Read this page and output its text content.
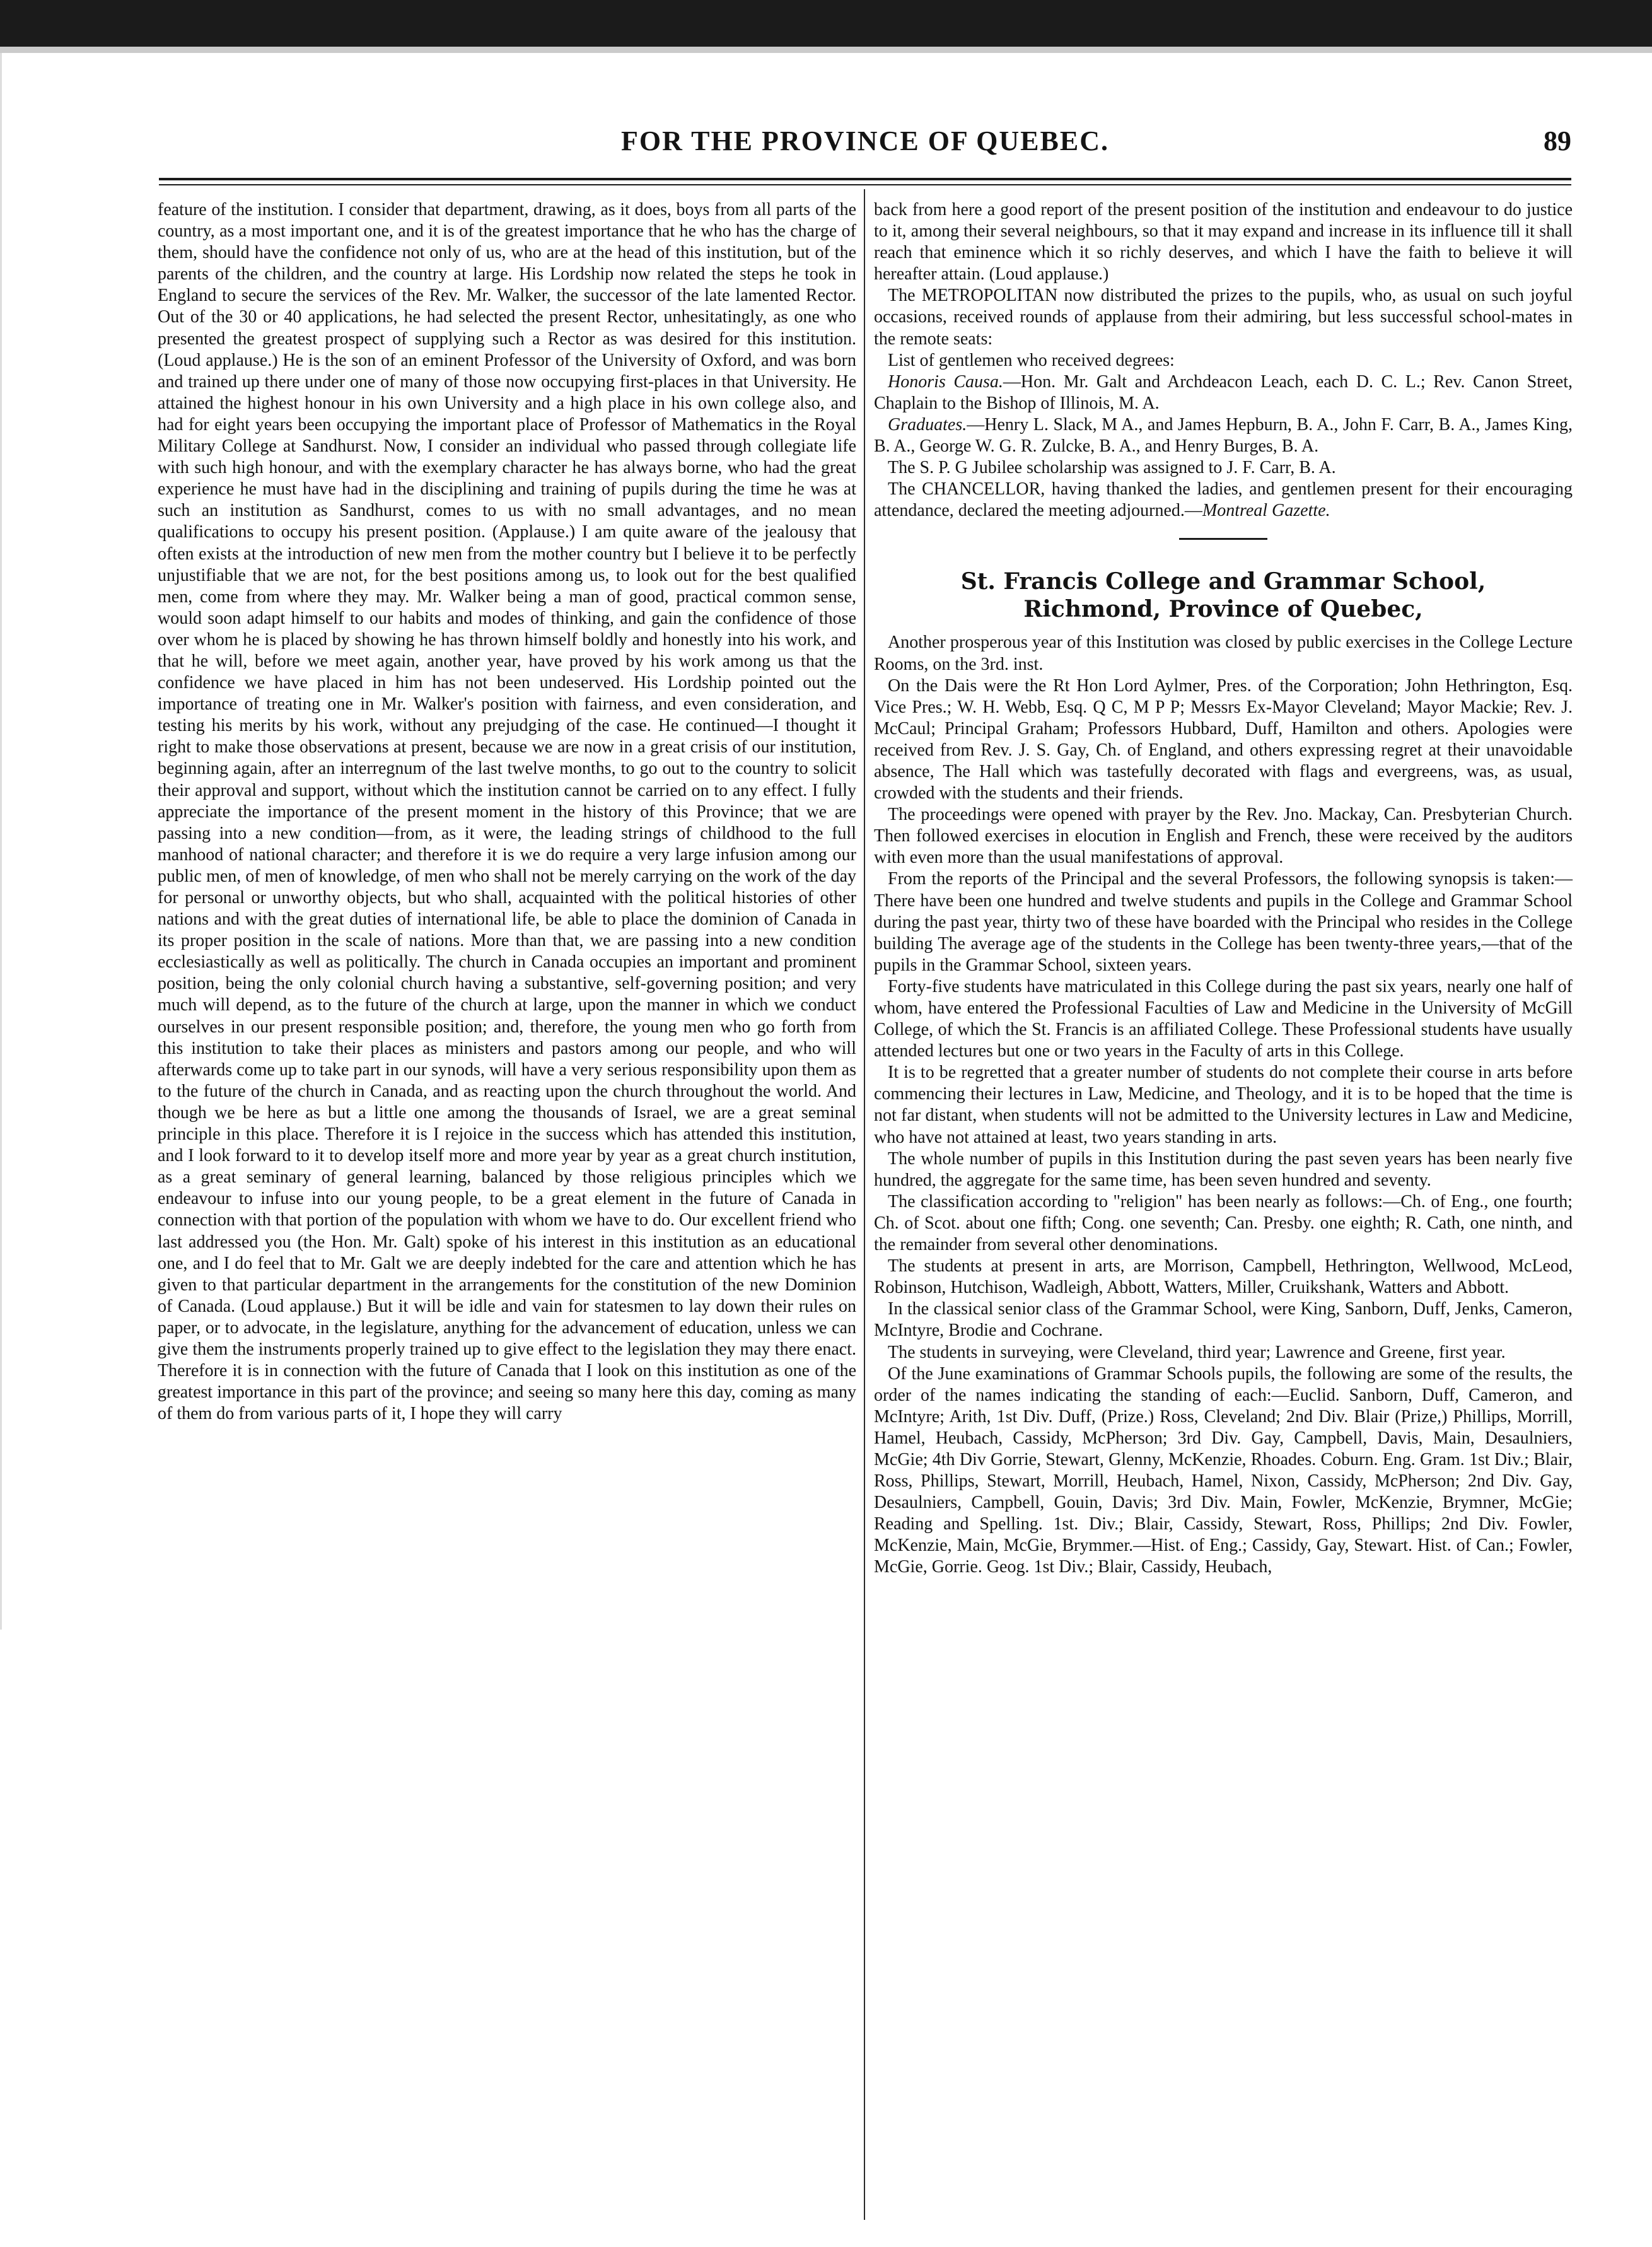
FOR THE PROVINCE OF QUEBEC.	89

feature of the institution. I consider that department, drawing, as it does, boys from all parts of the country, as a most important one, and it is of the greatest importance that he who has the charge of them, should have the confidence not only of us, who are at the head of this institution, but of the parents of the children, and the country at large. His Lordship now related the steps he took in England to secure the services of the Rev. Mr. Walker, the successor of the late lamented Rector. Out of the 30 or 40 applications, he had selected the present Rector, unhesitatingly, as one who presented the greatest prospect of supplying such a Rector as was desired for this institution. (Loud applause.) He is the son of an eminent Professor of the University of Oxford, and was born and trained up there under one of many of those now occupying first-places in that University. He attained the highest honour in his own University and a high place in his own college also, and had for eight years been occupying the important place of Professor of Mathematics in the Royal Military College at Sandhurst. Now, I consider an individual who passed through collegiate life with such high honour, and with the exemplary character he has always borne, who had the great experience he must have had in the disciplining and training of pupils during the time he was at such an institution as Sandhurst, comes to us with no small advantages, and no mean qualifications to occupy his present position. (Applause.) I am quite aware of the jealousy that often exists at the introduction of new men from the mother country but I believe it to be perfectly unjustifiable that we are not, for the best positions among us, to look out for the best qualified men, come from where they may. Mr. Walker being a man of good, practical common sense, would soon adapt himself to our habits and modes of thinking, and gain the confidence of those over whom he is placed by showing he has thrown himself boldly and honestly into his work, and that he will, before we meet again, another year, have proved by his work among us that the confidence we have placed in him has not been undeserved. His Lordship pointed out the importance of treating one in Mr. Walker's position with fairness, and even consideration, and testing his merits by his work, without any prejudging of the case. He continued—I thought it right to make those observations at present, because we are now in a great crisis of our institution, beginning again, after an interregnum of the last twelve months, to go out to the country to solicit their approval and support, without which the institution cannot be carried on to any effect. I fully appreciate the importance of the present moment in the history of this Province; that we are passing into a new condition—from, as it were, the leading strings of childhood to the full manhood of national character; and therefore it is we do require a very large infusion among our public men, of men of knowledge, of men who shall not be merely carrying on the work of the day for personal or unworthy objects, but who shall, acquainted with the political histories of other nations and with the great duties of international life, be able to place the dominion of Canada in its proper position in the scale of nations. More than that, we are passing into a new condition ecclesiastically as well as politically. The church in Canada occupies an important and prominent position, being the only colonial church having a substantive, self-governing position; and very much will depend, as to the future of the church at large, upon the manner in which we conduct ourselves in our present responsible position; and, therefore, the young men who go forth from this institution to take their places as ministers and pastors among our people, and who will afterwards come up to take part in our synods, will have a very serious responsibility upon them as to the future of the church in Canada, and as reacting upon the church throughout the world. And though we be here as but a little one among the thousands of Israel, we are a great seminal principle in this place. Therefore it is I rejoice in the success which has attended this institution, and I look forward to it to develop itself more and more year by year as a great church institution, as a great seminary of general learning, balanced by those religious principles which we endeavour to infuse into our young people, to be a great element in the future of Canada in connection with that portion of the population with whom we have to do. Our excellent friend who last addressed you (the Hon. Mr. Galt) spoke of his interest in this institution as an educational one, and I do feel that to Mr. Galt we are deeply indebted for the care and attention which he has given to that particular department in the arrangements for the constitution of the new Dominion of Canada. (Loud applause.) But it will be idle and vain for statesmen to lay down their rules on paper, or to advocate, in the legislature, anything for the advancement of education, unless we can give them the instruments properly trained up to give effect to the legislation they may there enact. Therefore it is in connection with the future of Canada that I look on this institution as one of the greatest importance in this part of the province; and seeing so many here this day, coming as many of them do from various parts of it, I hope they will carry

back from here a good report of the present position of the institution and endeavour to do justice to it, among their several neighbours, so that it may expand and increase in its influence till it shall reach that eminence which it so richly deserves, and which I have the faith to believe it will hereafter attain. (Loud applause.)

The METROPOLITAN now distributed the prizes to the pupils, who, as usual on such joyful occasions, received rounds of applause from their admiring, but less successful school-mates in the remote seats:

List of gentlemen who received degrees:

Honoris Causa.—Hon. Mr. Galt and Archdeacon Leach, each D. C. L.; Rev. Canon Street, Chaplain to the Bishop of Illinois, M. A.

Graduates.—Henry L. Slack, M A., and James Hepburn, B. A., John F. Carr, B. A., James King, B. A., George W. G. R. Zulcke, B. A., and Henry Burges, B. A.

The S. P. G Jubilee scholarship was assigned to J. F. Carr, B. A.

The CHANCELLOR, having thanked the ladies, and gentlemen present for their encouraging attendance, declared the meeting adjourned.—Montreal Gazette.

St. Francis College and Grammar School,
Richmond, Province of Quebec,

Another prosperous year of this Institution was closed by public exercises in the College Lecture Rooms, on the 3rd. inst.

On the Dais were the Rt Hon Lord Aylmer, Pres. of the Corporation; John Hethrington, Esq. Vice Pres.; W. H. Webb, Esq. Q C, M P P; Messrs Ex-Mayor Cleveland; Mayor Mackie; Rev. J. McCaul; Principal Graham; Professors Hubbard, Duff, Hamilton and others. Apologies were received from Rev. J. S. Gay, Ch. of England, and others expressing regret at their unavoidable absence, The Hall which was tastefully decorated with flags and evergreens, was, as usual, crowded with the students and their friends.

The proceedings were opened with prayer by the Rev. Jno. Mackay, Can. Presbyterian Church. Then followed exercises in elocution in English and French, these were received by the auditors with even more than the usual manifestations of approval.

From the reports of the Principal and the several Professors, the following synopsis is taken:—There have been one hundred and twelve students and pupils in the College and Grammar School during the past year, thirty two of these have boarded with the Principal who resides in the College building The average age of the students in the College has been twenty-three years,—that of the pupils in the Grammar School, sixteen years.

Forty-five students have matriculated in this College during the past six years, nearly one half of whom, have entered the Professional Faculties of Law and Medicine in the University of McGill College, of which the St. Francis is an affiliated College. These Professional students have usually attended lectures but one or two years in the Faculty of arts in this College.

It is to be regretted that a greater number of students do not complete their course in arts before commencing their lectures in Law, Medicine, and Theology, and it is to be hoped that the time is not far distant, when students will not be admitted to the University lectures in Law and Medicine, who have not attained at least, two years standing in arts.

The whole number of pupils in this Institution during the past seven years has been nearly five hundred, the aggregate for the same time, has been seven hundred and seventy.

The classification according to "religion" has been nearly as follows:—Ch. of Eng., one fourth; Ch. of Scot. about one fifth; Cong. one seventh; Can. Presby. one eighth; R. Cath, one ninth, and the remainder from several other denominations.

The students at present in arts, are Morrison, Campbell, Hethrington, Wellwood, McLeod, Robinson, Hutchison, Wadleigh, Abbott, Watters, Miller, Cruikshank, Watters and Abbott.

In the classical senior class of the Grammar School, were King, Sanborn, Duff, Jenks, Cameron, McIntyre, Brodie and Cochrane.

The students in surveying, were Cleveland, third year; Lawrence and Greene, first year.

Of the June examinations of Grammar Schools pupils, the following are some of the results, the order of the names indicating the standing of each:—Euclid. Sanborn, Duff, Cameron, and McIntyre; Arith, 1st Div. Duff, (Prize.) Ross, Cleveland; 2nd Div. Blair (Prize,) Phillips, Morrill, Hamel, Heubach, Cassidy, McPherson; 3rd Div. Gay, Campbell, Davis, Main, Desaulniers, McGie; 4th Div Gorrie, Stewart, Glenny, McKenzie, Rhoades. Coburn. Eng. Gram. 1st Div.; Blair, Ross, Phillips, Stewart, Morrill, Heubach, Hamel, Nixon, Cassidy, McPherson; 2nd Div. Gay, Desaulniers, Campbell, Gouin, Davis; 3rd Div. Main, Fowler, McKenzie, Brymner, McGie; Reading and Spelling. 1st. Div.; Blair, Cassidy, Stewart, Ross, Phillips; 2nd Div. Fowler, McKenzie, Main, McGie, Brymmer.—Hist. of Eng.; Cassidy, Gay, Stewart. Hist. of Can.; Fowler, McGie, Gorrie. Geog. 1st Div.; Blair, Cassidy, Heubach,
